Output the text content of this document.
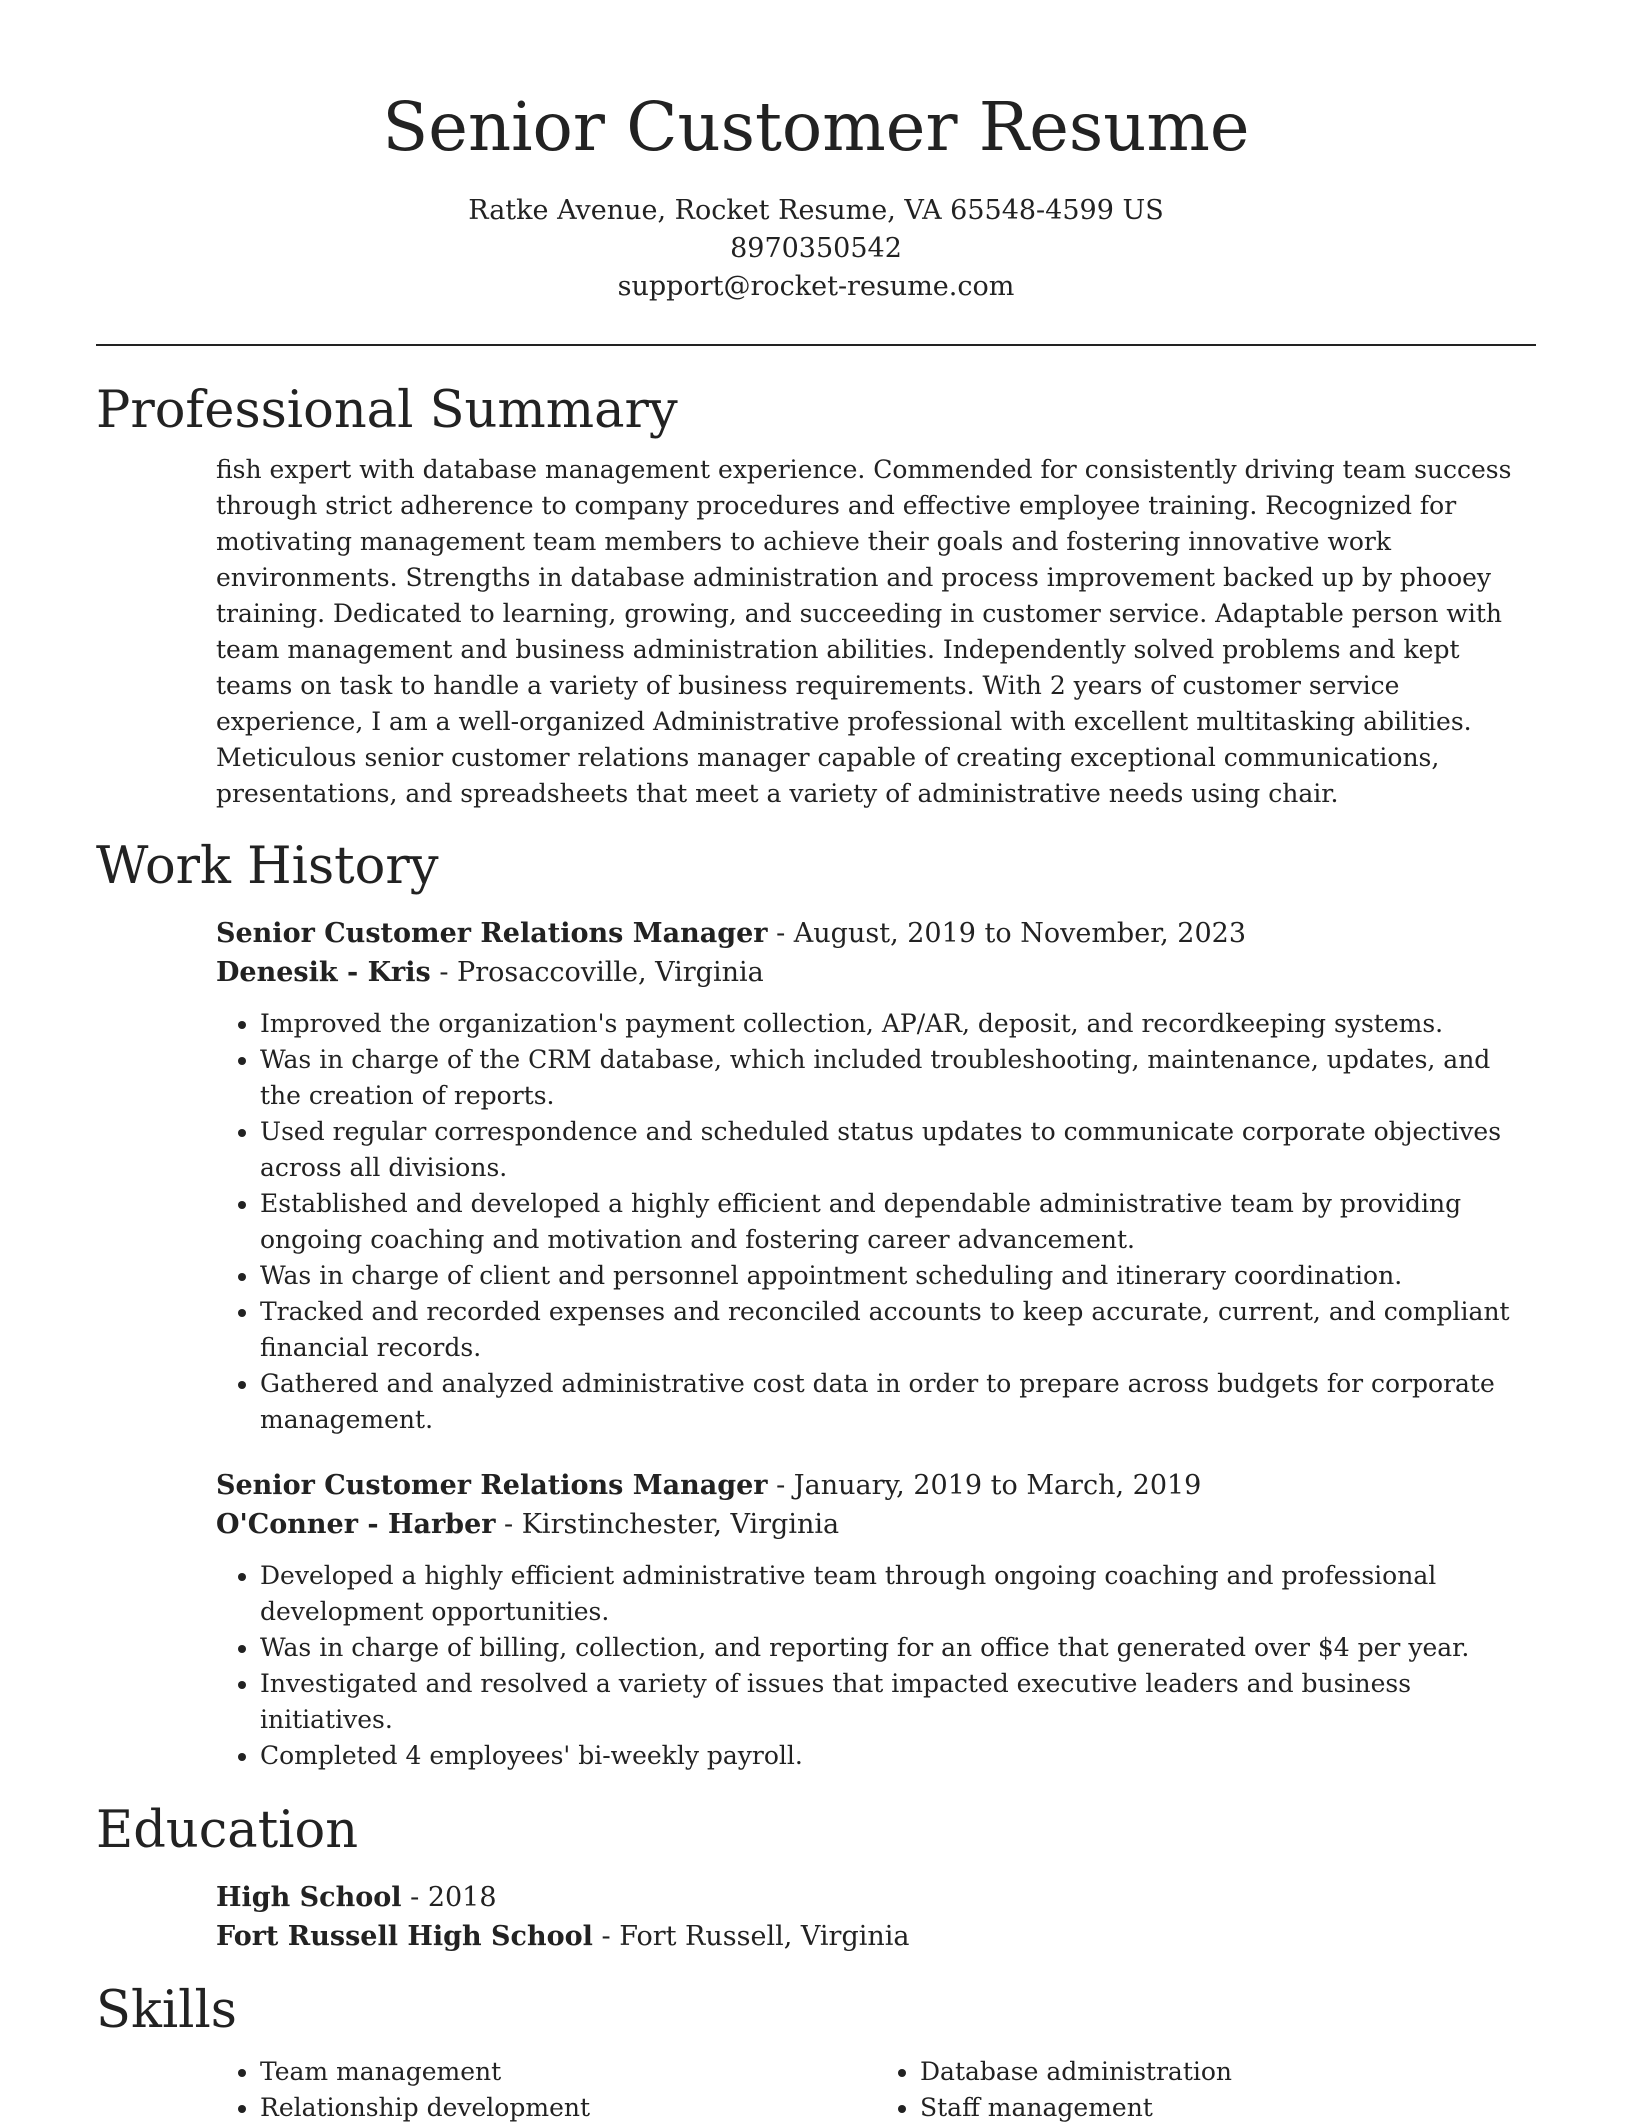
Senior Customer Resume
Ratke Avenue, Rocket Resume, VA 65548-4599 US
8970350542
support@rocket-resume.com
Professional Summary

fish expert with database management experience. Commended for consistently driving team success through strict adherence to company procedures and effective employee training. Recognized for motivating management team members to achieve their goals and fostering innovative work environments. Strengths in database administration and process improvement backed up by phooey training. Dedicated to learning, growing, and succeeding in customer service. Adaptable person with team management and business administration abilities. Independently solved problems and kept teams on task to handle a variety of business requirements. With 2 years of customer service experience, I am a well-organized Administrative professional with excellent multitasking abilities. Meticulous senior customer relations manager capable of creating exceptional communications, presentations, and spreadsheets that meet a variety of administrative needs using chair.

Work History
Senior Customer Relations Manager - August, 2019 to November, 2023
Denesik - Kris - Prosaccoville, Virginia
• Improved the organization's payment collection, AP/AR, deposit, and recordkeeping systems.
• Was in charge of the CRM database, which included troubleshooting, maintenance, updates, and the creation of reports.
• Used regular correspondence and scheduled status updates to communicate corporate objectives across all divisions.
• Established and developed a highly efficient and dependable administrative team by providing ongoing coaching and motivation and fostering career advancement.
• Was in charge of client and personnel appointment scheduling and itinerary coordination.
• Tracked and recorded expenses and reconciled accounts to keep accurate, current, and compliant financial records.
• Gathered and analyzed administrative cost data in order to prepare across budgets for corporate management.
Senior Customer Relations Manager - January, 2019 to March, 2019
O'Conner - Harber - Kirstinchester, Virginia
• Developed a highly efficient administrative team through ongoing coaching and professional development opportunities.
• Was in charge of billing, collection, and reporting for an office that generated over $4 per year.
• Investigated and resolved a variety of issues that impacted executive leaders and business initiatives.
• Completed 4 employees' bi-weekly payroll.
Education
High School - 2018
Fort Russell High School - Fort Russell, Virginia
Skills
• Team management
• Relationship development
• Database administration
• Staff management
